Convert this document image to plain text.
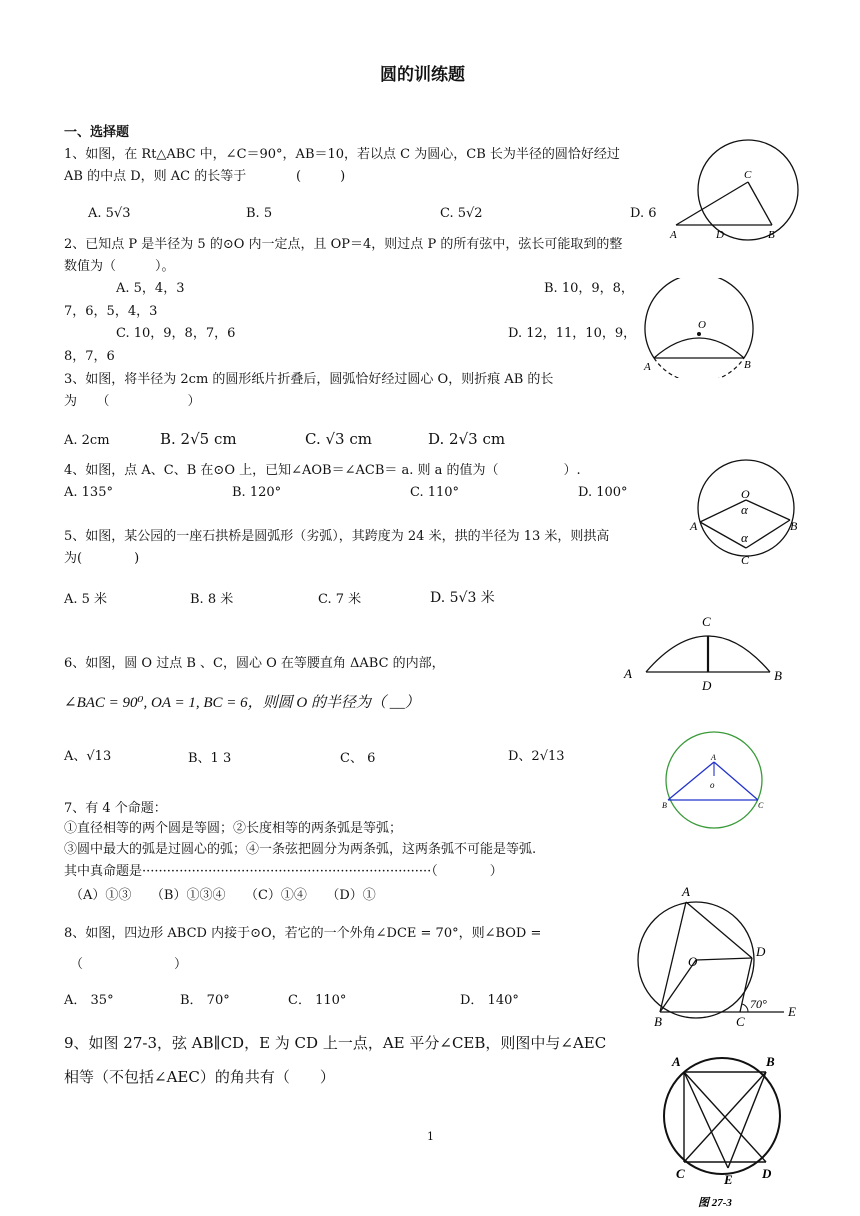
圆的训练题
一、选择题
1、如图，在 Rt△ABC 中，∠C＝90°，AB＝10，若以点 C 为圆心，CB 长为半径的圆恰好经过
AB 的中点 D，则 AC 的长等于	(　　　)
A. 5√3	B. 5	C. 5√2	D. 6
C
A	D	B
2、已知点 P 是半径为 5 的⊙O 内一定点，且 OP＝4，则过点 P 的所有弦中，弦长可能取到的整
数值为（　　　）。
A. 5，4，3	B. 10，9，8，
7，6，5，4，3
C. 10，9，8，7，6	D. 12，11，10，9，
8，7，6
O
A	B
3、如图，将半径为 2cm 的圆形纸片折叠后，圆弧恰好经过圆心 O，则折痕 AB 的长
为　　（　　　　　　）
A. 2cm	B. 2√5 cm	C. √3 cm	D. 2√3 cm
4、如图，点 A、C、B 在⊙O 上，已知∠AOB＝∠ACB＝ a. 则 a 的值为（　　　　　）.
A. 135°	B. 120°	C. 110°	D. 100°	O
α
A	B
α
C
5、如图，某公园的一座石拱桥是圆弧形（劣弧），其跨度为 24 米，拱的半径为 13 米，则拱高
为(　　　　)
A. 5 米	B. 8 米	C. 7 米	D. 5√3 米
C
A
D
B
6、如图，圆 O 过点 B 、C，圆心 O 在等腰直角 ΔABC 的内部，
∠BAC = 90⁰, OA = 1, BC = 6，则圆 O 的半径为（ __）
A、√13	B、1 3	C、 6	D、2√13	A
o
B	C
7、有 4 个命题：
①直径相等的两个圆是等圆；②长度相等的两条弧是等弧；
③圆中最大的弧是过圆心的弧；④一条弦把圆分为两条弧，这两条弧不可能是等弧.
其中真命题是······································································（　　　　）
（A）①③　　（B）①③④　　（C）①④　　（D）①
8、如图，四边形 ABCD 内接于⊙O，若它的一个外角∠DCE = 70°，则∠BOD =
（　　　　　　　）
A． 35°	B． 70°	C． 110°	D． 140°
A
D
O
B	C
70° E
9、如图 27-3，弦 AB∥CD，E 为 CD 上一点，AE 平分∠CEB，则图中与∠AEC
相等（不包括∠AEC）的角共有（　　）
A	B
C	E D
图 27-3
1
